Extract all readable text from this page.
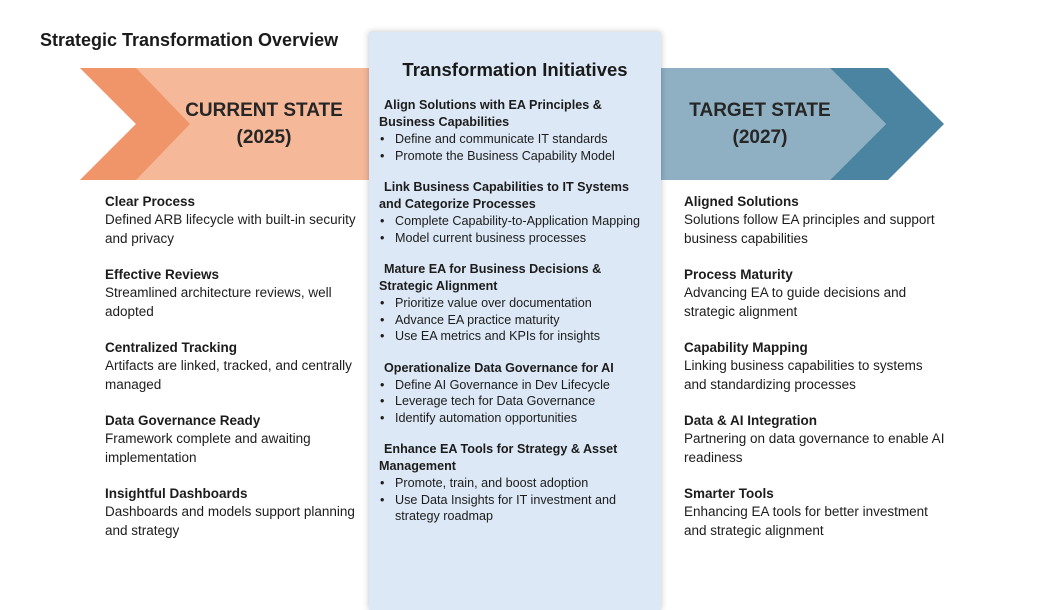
Strategic Transformation Overview
CURRENT STATE
(2025)
TARGET STATE
(2027)
Clear Process
Defined ARB lifecycle with built-in security and privacy
Effective Reviews
Streamlined architecture reviews, well adopted
Centralized Tracking
Artifacts are linked, tracked, and centrally managed
Data Governance Ready
Framework complete and awaiting implementation
Insightful Dashboards
Dashboards and models support planning and strategy
Transformation Initiatives
Align Solutions with EA Principles & Business Capabilities
• Define and communicate IT standards
• Promote the Business Capability Model
Link Business Capabilities to IT Systems and Categorize Processes
• Complete Capability-to-Application Mapping
• Model current business processes
Mature EA for Business Decisions & Strategic Alignment
• Prioritize value over documentation
• Advance EA practice maturity
• Use EA metrics and KPIs for insights
Operationalize Data Governance for AI
• Define AI Governance in Dev Lifecycle
• Leverage tech for Data Governance
• Identify automation opportunities
Enhance EA Tools for Strategy & Asset Management
• Promote, train, and boost adoption
• Use Data Insights for IT investment and strategy roadmap
Aligned Solutions
Solutions follow EA principles and support business capabilities
Process Maturity
Advancing EA to guide decisions and strategic alignment
Capability Mapping
Linking business capabilities to systems and standardizing processes
Data & AI Integration
Partnering on data governance to enable AI readiness
Smarter Tools
Enhancing EA tools for better investment and strategic alignment
